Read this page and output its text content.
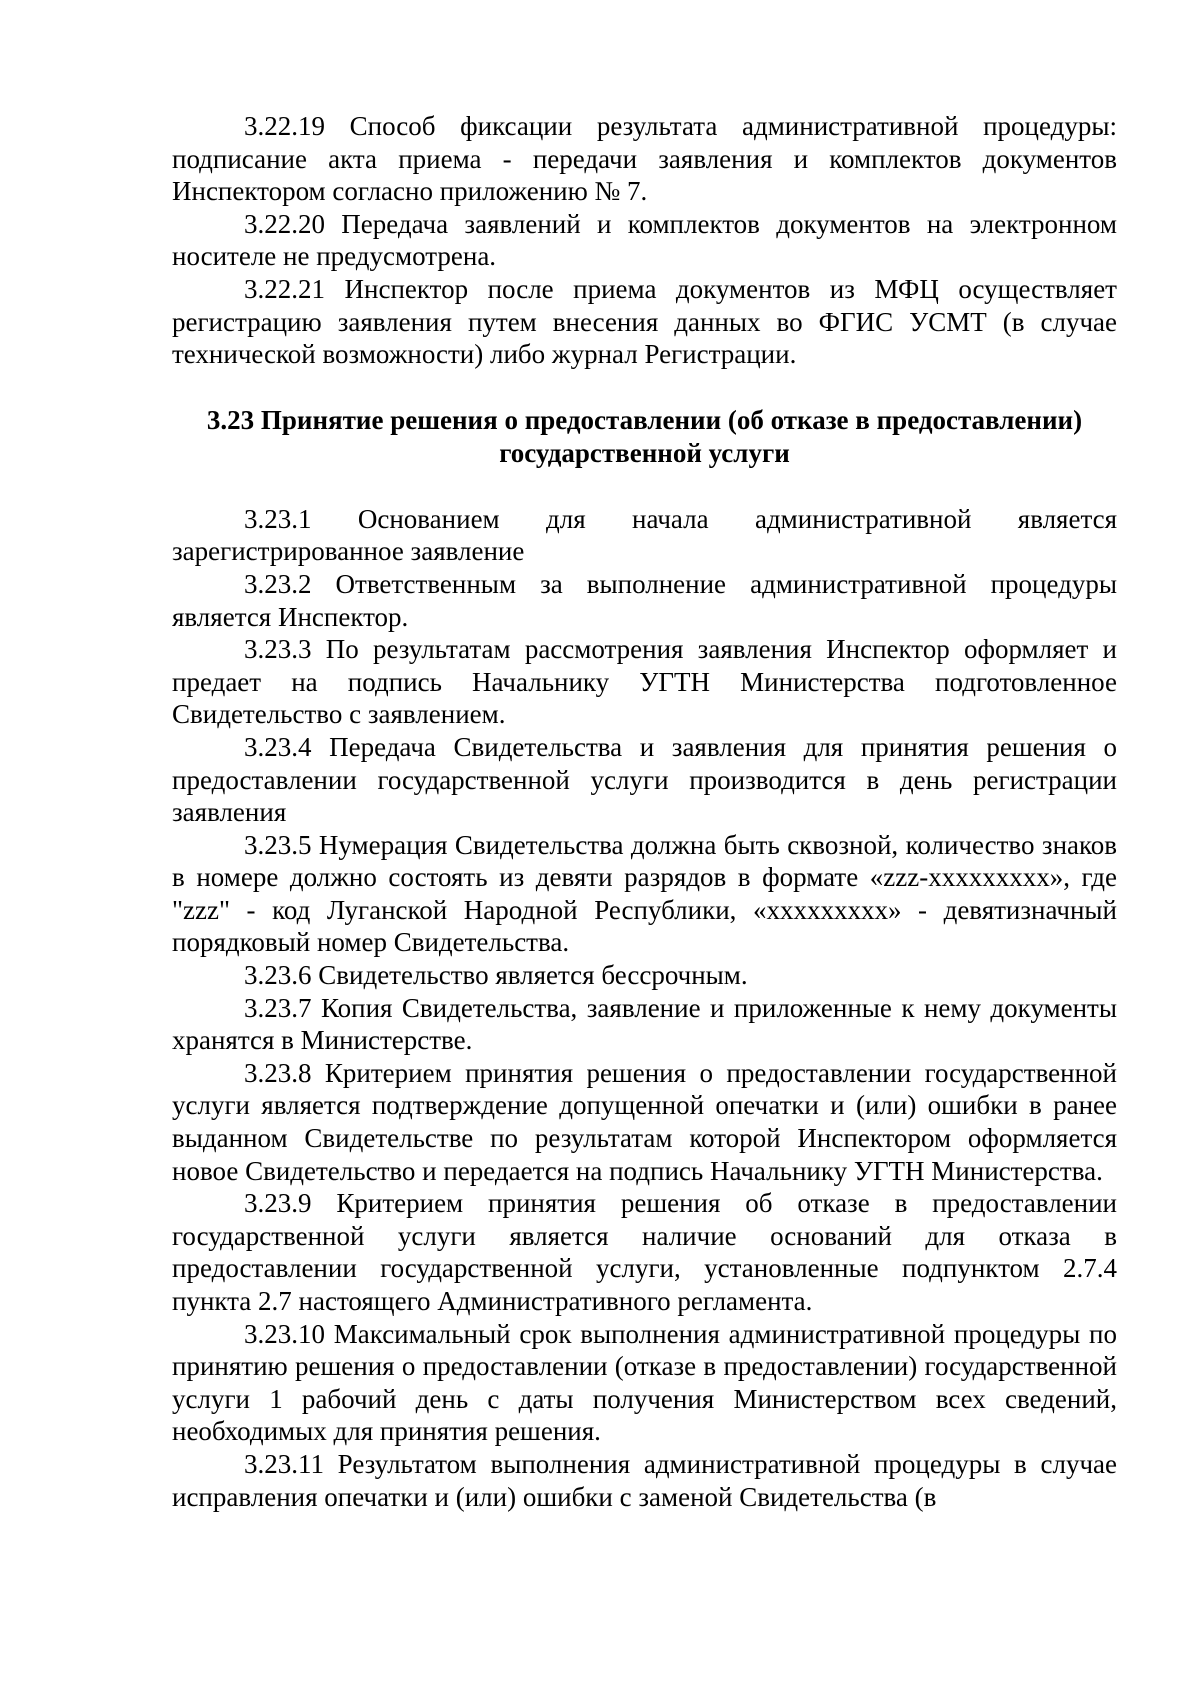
3.22.19 Способ фиксации результата административной процедуры: подписание акта приема - передачи заявления и комплектов документов Инспектором согласно приложению № 7.

3.22.20 Передача заявлений и комплектов документов на электронном носителе не предусмотрена.

3.22.21 Инспектор после приема документов из МФЦ осуществляет регистрацию заявления путем внесения данных во ФГИС УСМТ (в случае технической возможности) либо журнал Регистрации.

3.23 Принятие решения о предоставлении (об отказе в предоставлении)
государственной услуги

3.23.1 Основанием для начала административной является зарегистрированное заявление

3.23.2 Ответственным за выполнение административной процедуры является Инспектор.

3.23.3 По результатам рассмотрения заявления Инспектор оформляет и предает на подпись Начальнику УГТН Министерства подготовленное Свидетельство с заявлением.

3.23.4 Передача Свидетельства и заявления для принятия решения о предоставлении государственной услуги производится в день регистрации заявления

3.23.5 Нумерация Свидетельства должна быть сквозной, количество знаков в номере должно состоять из девяти разрядов в формате «zzz-xxxxxxxxx», где "zzz" - код Луганской Народной Республики, «xxxxxxxxx» - девятизначный порядковый номер Свидетельства.

3.23.6 Свидетельство является бессрочным.

3.23.7 Копия Свидетельства, заявление и приложенные к нему документы хранятся в Министерстве.

3.23.8 Критерием принятия решения о предоставлении государственной услуги является подтверждение допущенной опечатки и (или) ошибки в ранее выданном Свидетельстве по результатам которой Инспектором оформляется новое Свидетельство и передается на подпись Начальнику УГТН Министерства.

3.23.9 Критерием принятия решения об отказе в предоставлении государственной услуги является наличие оснований для отказа в предоставлении государственной услуги, установленные подпунктом 2.7.4 пункта 2.7 настоящего Административного регламента.

3.23.10 Максимальный срок выполнения административной процедуры по принятию решения о предоставлении (отказе в предоставлении) государственной услуги 1 рабочий день с даты получения Министерством всех сведений, необходимых для принятия решения.

3.23.11 Результатом выполнения административной процедуры в случае исправления опечатки и (или) ошибки с заменой Свидетельства (в
